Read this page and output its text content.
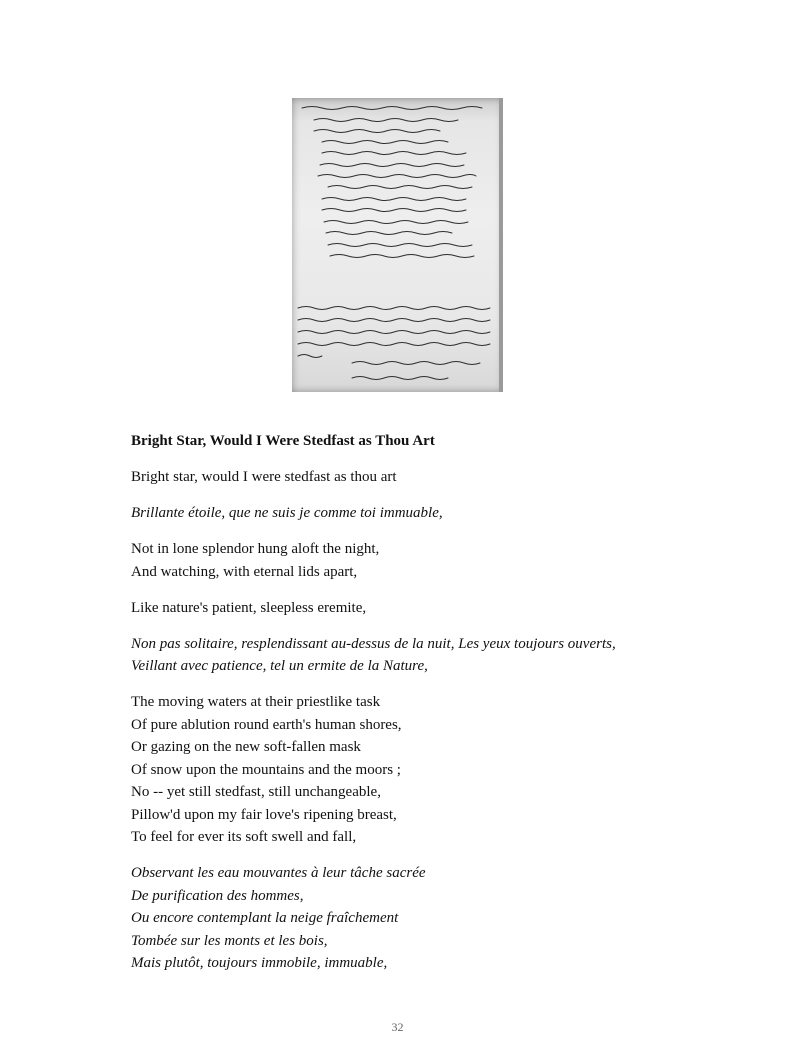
Bright Star, Would I Were Stedfast as Thou Art

Bright star, would I were stedfast as thou art

Brillante étoile, que ne suis je comme toi immuable,

Not in lone splendor hung aloft the night,
And watching, with eternal lids apart,

Like nature's patient, sleepless eremite,

Non pas solitaire, resplendissant au-dessus de la nuit, Les yeux toujours ouverts,
Veillant avec patience, tel un ermite de la Nature,

The moving waters at their priestlike task
Of pure ablution round earth's human shores,
Or gazing on the new soft-fallen mask
Of snow upon the mountains and the moors ;
No -- yet still stedfast, still unchangeable,
Pillow'd upon my fair love's ripening breast,
To feel for ever its soft swell and fall,

Observant les eau mouvantes à leur tâche sacrée
De purification des hommes,
Ou encore contemplant la neige fraîchement
Tombée sur les monts et les bois,
Mais plutôt, toujours immobile, immuable,

32
